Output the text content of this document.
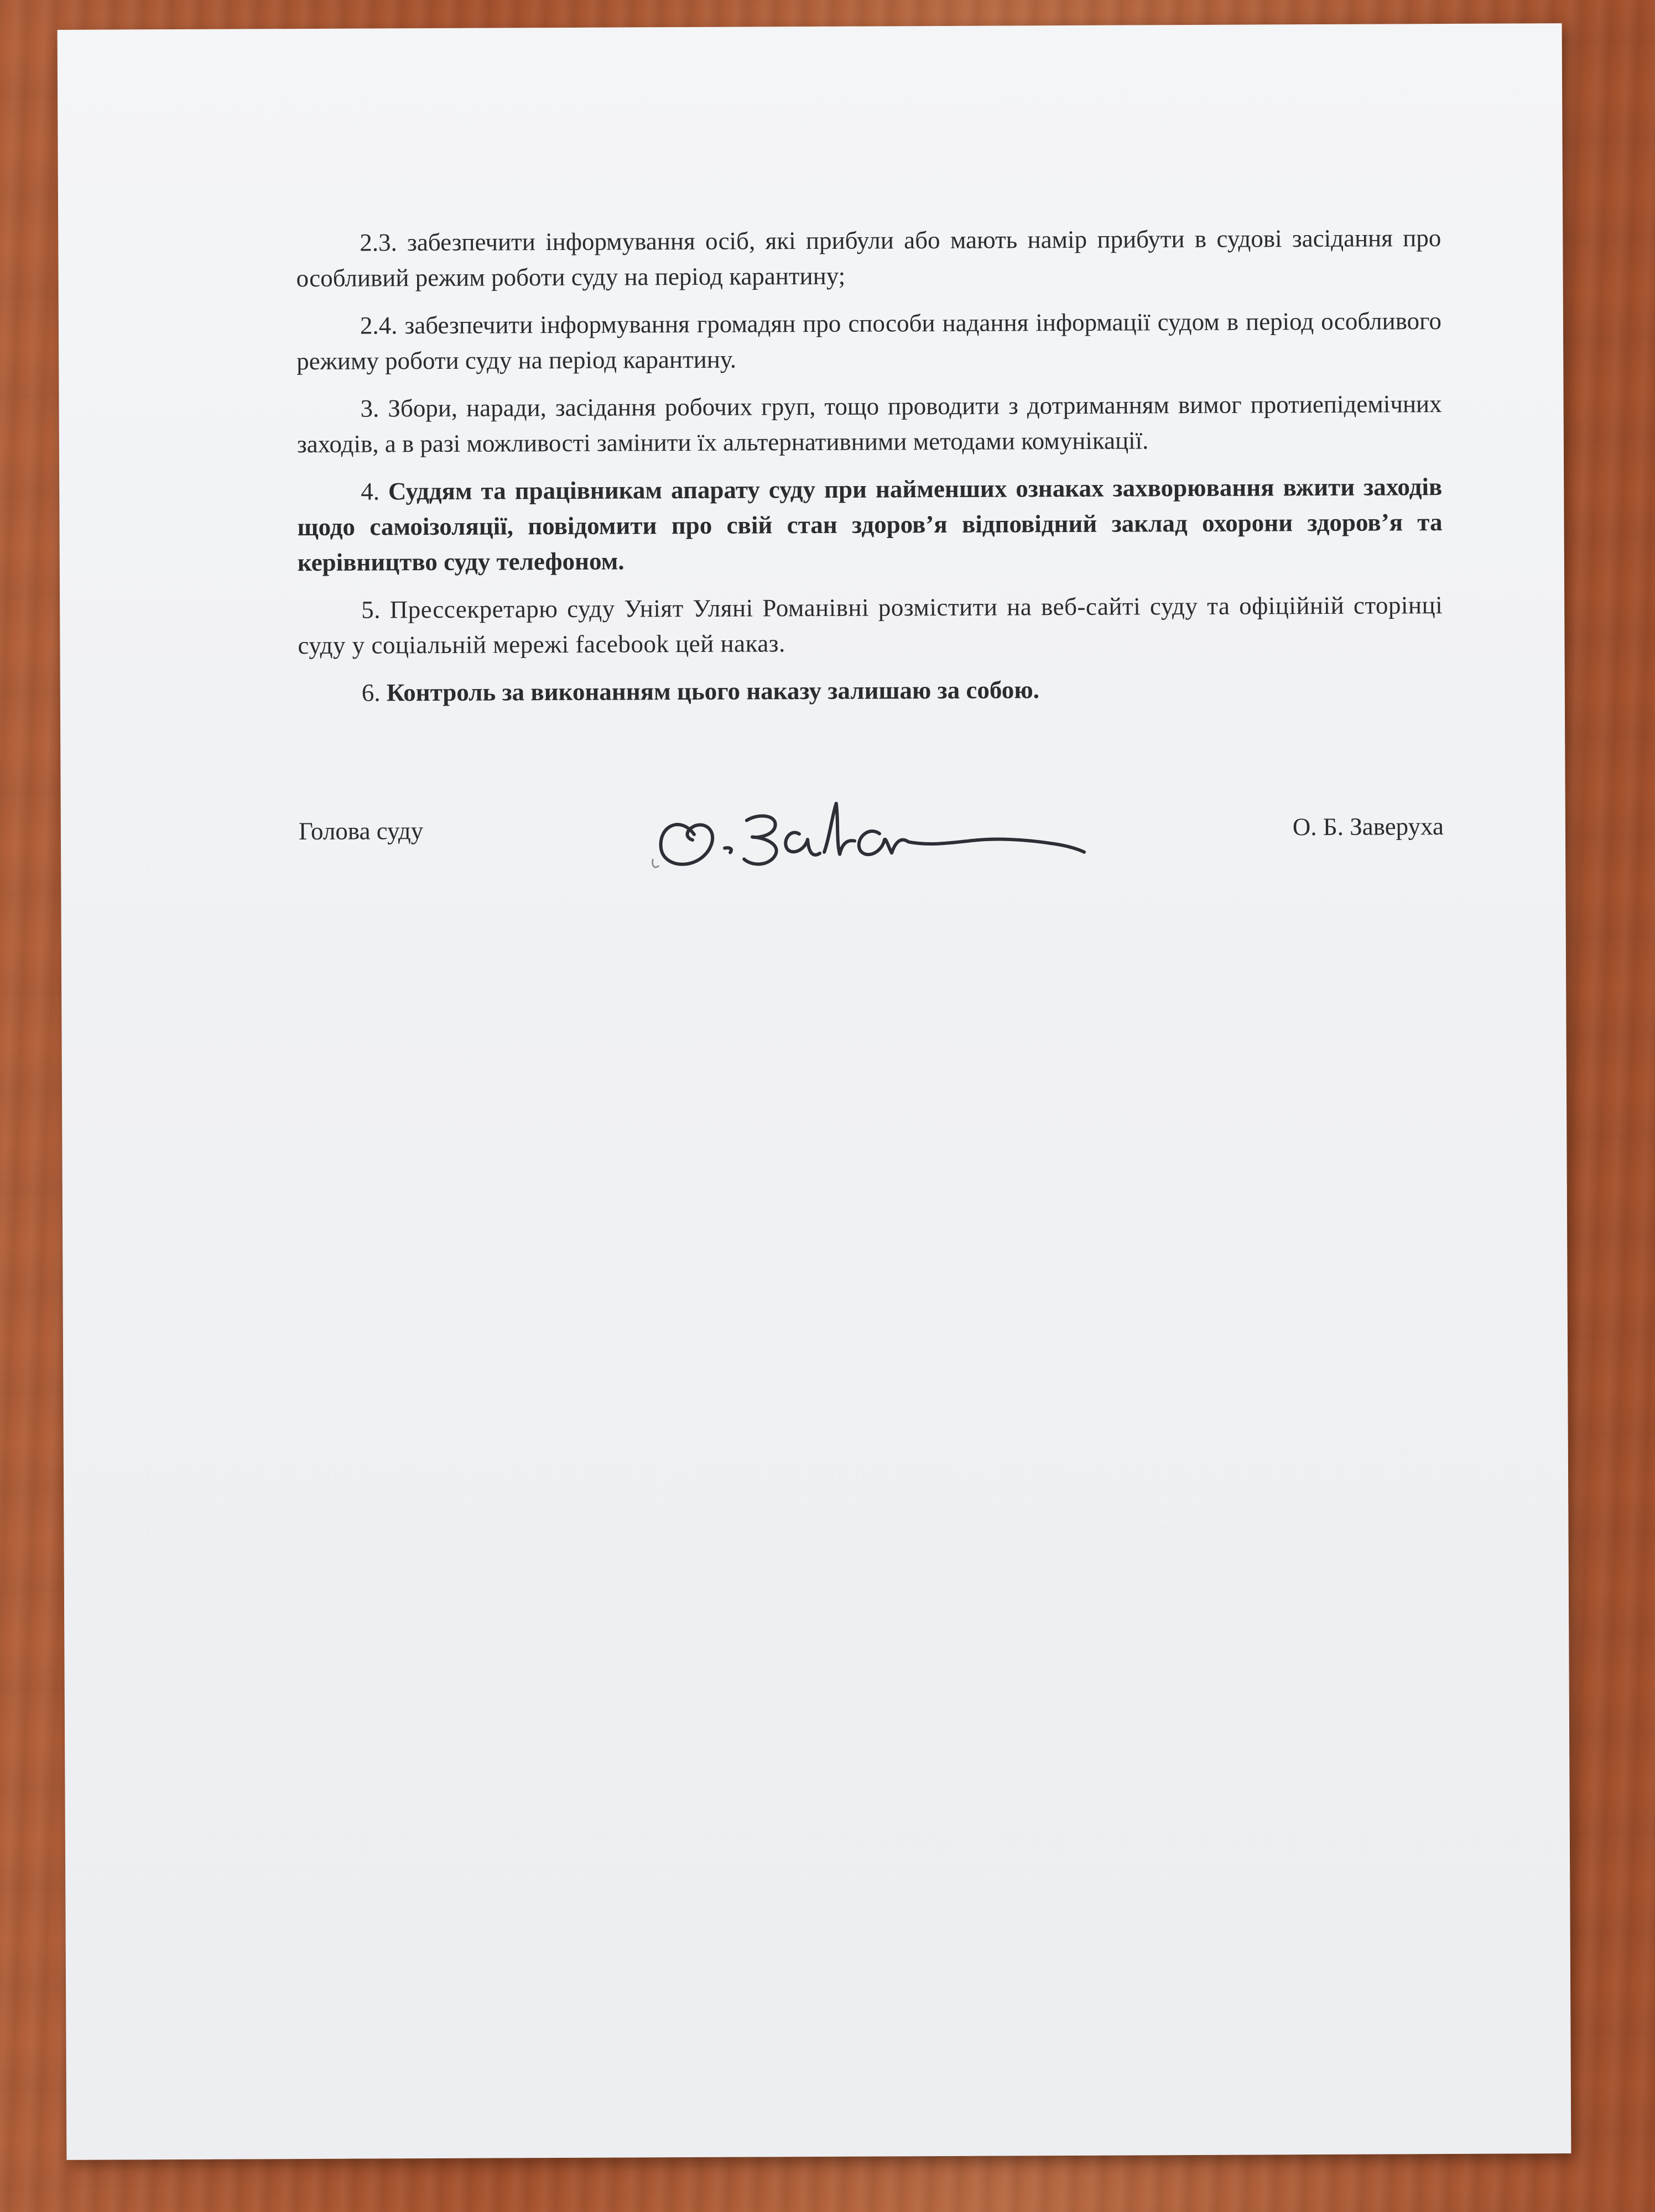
2.3. забезпечити інформування осіб, які прибули або мають намір прибути в судові засідання про особливий режим роботи суду на період карантину;

2.4. забезпечити інформування громадян про способи надання інформації судом в період особливого режиму роботи суду на період карантину.

3. Збори, наради, засідання робочих груп, тощо проводити з дотриманням вимог протиепідемічних заходів, а в разі можливості замінити їх альтернативними методами комунікації.

4. Суддям та працівникам апарату суду при найменших ознаках захворювання вжити заходів щодо самоізоляції, повідомити про свій стан здоров’я відповідний заклад охорони здоров’я та керівництво суду телефоном.

5. Прессекретарю суду Уніят Уляні Романівні розмістити на веб-сайті суду та офіційній сторінці суду у соціальній мережі facebook цей наказ.

6. Контроль за виконанням цього наказу залишаю за собою.

Голова суду	О. Б. Заверуха
